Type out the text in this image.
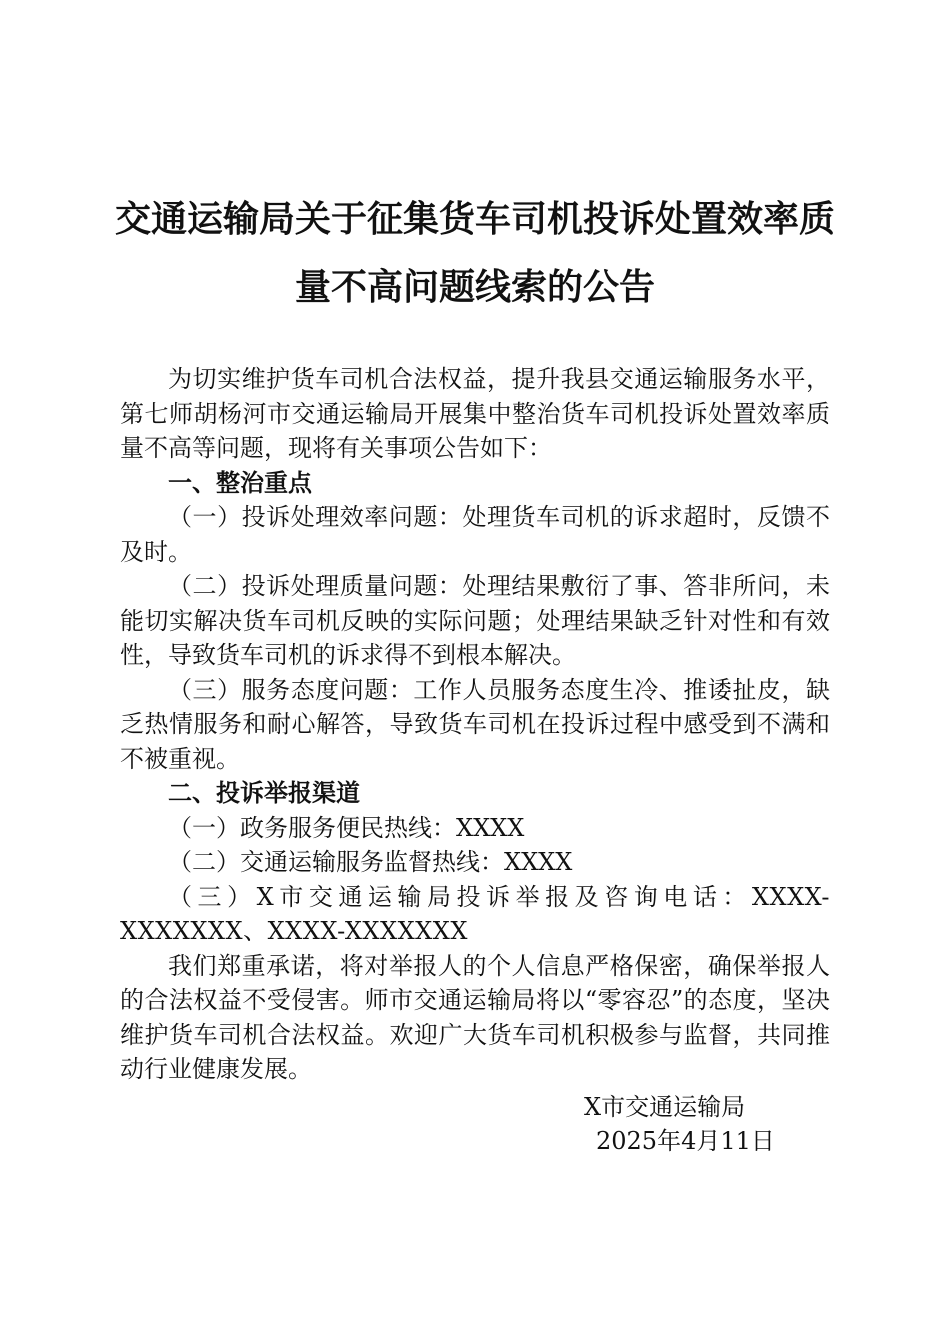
交通运输局关于征集货车司机投诉处置效率质
量不高问题线索的公告

为切实维护货车司机合法权益，提升我县交通运输服务水平，第七师胡杨河市交通运输局开展集中整治货车司机投诉处置效率质量不高等问题，现将有关事项公告如下：

一、整治重点

（一）投诉处理效率问题：处理货车司机的诉求超时，反馈不及时。

（二）投诉处理质量问题：处理结果敷衍了事、答非所问，未能切实解决货车司机反映的实际问题；处理结果缺乏针对性和有效性，导致货车司机的诉求得不到根本解决。

（三）服务态度问题：工作人员服务态度生冷、推诿扯皮，缺乏热情服务和耐心解答，导致货车司机在投诉过程中感受到不满和不被重视。

二、投诉举报渠道

（一）政务服务便民热线：XXXX

（二）交通运输服务监督热线：XXXX

（三）X市交通运输局投诉举报及咨询电话：XXXX-XXXXXXX、XXXX-XXXXXXX

我们郑重承诺，将对举报人的个人信息严格保密，确保举报人的合法权益不受侵害。师市交通运输局将以“零容忍”的态度，坚决维护货车司机合法权益。欢迎广大货车司机积极参与监督，共同推动行业健康发展。

X市交通运输局
2025年4月11日
